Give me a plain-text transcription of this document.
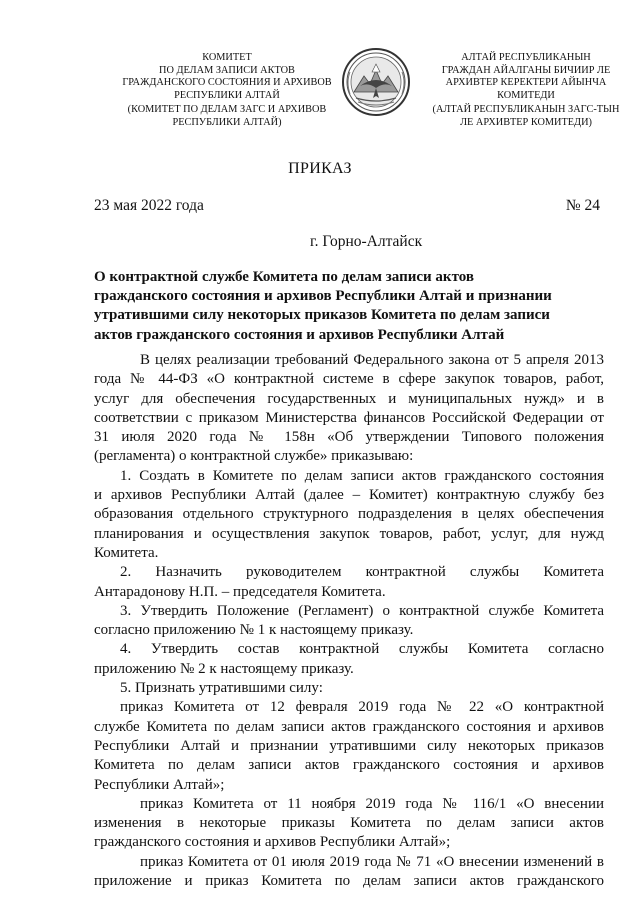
КОМИТЕТ
ПО ДЕЛАМ ЗАПИСИ АКТОВ
ГРАЖДАНСКОГО СОСТОЯНИЯ И АРХИВОВ
РЕСПУБЛИКИ АЛТАЙ
(КОМИТЕТ ПО ДЕЛАМ ЗАГС И АРХИВОВ
РЕСПУБЛИКИ АЛТАЙ)
АЛТАЙ РЕСПУБЛИКАНЫН
ГРАЖДАН АЙАЛГАНЫ БИЧИИР ЛЕ
АРХИВТЕР КЕРЕКТЕРИ АЙЫНЧА
КОМИТЕДИ
(АЛТАЙ РЕСПУБЛИКАНЫН ЗАГС-ТЫН
ЛЕ АРХИВТЕР КОМИТЕДИ)
ПРИКАЗ
23 мая 2022 года	№ 24
г. Горно-Алтайск
О контрактной службе Комитета по делам записи актов
гражданского состояния и архивов Республики Алтай и признании
утратившими силу некоторых приказов Комитета по делам записи
актов гражданского состояния и архивов Республики Алтай
В целях реализации требований Федерального закона от 5 апреля 2013
года № 44-ФЗ «О контрактной системе в сфере закупок товаров, работ,
услуг для обеспечения государственных и муниципальных нужд» и в
соответствии с приказом Министерства финансов Российской Федерации от
31 июля 2020 года № 158н «Об утверждении Типового положения
(регламента) о контрактной службе» приказываю:
1. Создать в Комитете по делам записи актов гражданского состояния
и архивов Республики Алтай (далее – Комитет) контрактную службу без
образования отдельного структурного подразделения в целях обеспечения
планирования и осуществления закупок товаров, работ, услуг, для нужд
Комитета.
2. Назначить руководителем контрактной службы Комитета
Антарадонову Н.П. – председателя Комитета.
3. Утвердить Положение (Регламент) о контрактной службе Комитета
согласно приложению № 1 к настоящему приказу.
4. Утвердить состав контрактной службы Комитета согласно
приложению № 2 к настоящему приказу.
5. Признать утратившими силу:
приказ Комитета от 12 февраля 2019 года № 22 «О контрактной
службе Комитета по делам записи актов гражданского состояния и архивов
Республики Алтай и признании утратившими силу некоторых приказов
Комитета по делам записи актов гражданского состояния и архивов
Республики Алтай»;
приказ Комитета от 11 ноября 2019 года № 116/1 «О внесении
изменения в некоторые приказы Комитета по делам записи актов
гражданского состояния и архивов Республики Алтай»;
приказ Комитета от 01 июля 2019 года № 71 «О внесении изменений в
приложение и приказ Комитета по делам записи актов гражданского
